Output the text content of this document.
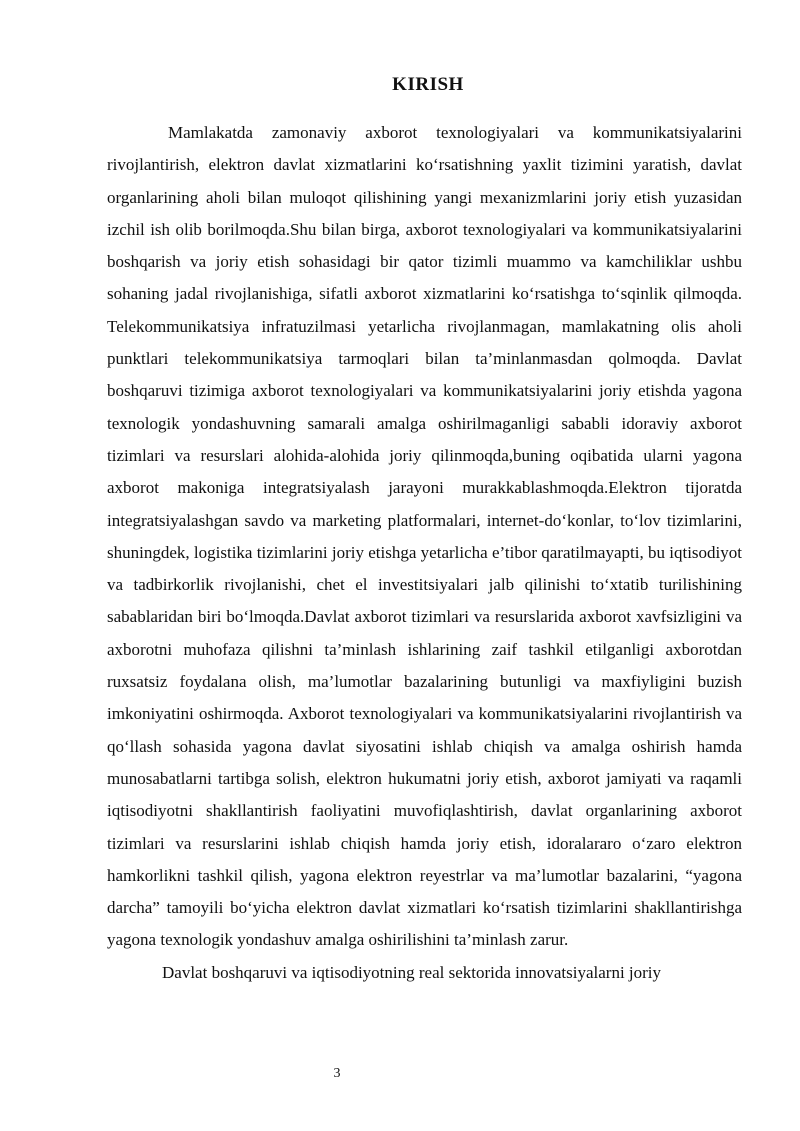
KIRISH

Mamlakatda zamonaviy axborot texnologiyalari va kommunikatsiyalarini rivojlantirish, elektron davlat xizmatlarini ko‘rsatishning yaxlit tizimini yaratish, davlat organlarining aholi bilan muloqot qilishining yangi mexanizmlarini joriy etish yuzasidan izchil ish olib borilmoqda.Shu bilan birga, axborot texnologiyalari va kommunikatsiyalarini boshqarish va joriy etish sohasidagi bir qator tizimli muammo va kamchiliklar ushbu sohaning jadal rivojlanishiga, sifatli axborot xizmatlarini ko‘rsatishga to‘sqinlik qilmoqda. Telekommunikatsiya infratuzilmasi yetarlicha rivojlanmagan, mamlakatning olis aholi punktlari telekommunikatsiya tarmoqlari bilan ta’minlanmasdan qolmoqda. Davlat boshqaruvi tizimiga axborot texnologiyalari va kommunikatsiyalarini joriy etishda yagona texnologik yondashuvning samarali amalga oshirilmaganligi sababli idoraviy axborot tizimlari va resurslari alohida-alohida joriy qilinmoqda,buning oqibatida ularni yagona axborot makoniga integratsiyalash jarayoni murakkablashmoqda.Elektron tijoratda integratsiyalashgan savdo va marketing platformalari, internet-do‘konlar, to‘lov tizimlarini, shuningdek, logistika tizimlarini joriy etishga yetarlicha e’tibor qaratilmayapti, bu iqtisodiyot va tadbirkorlik rivojlanishi, chet el investitsiyalari jalb qilinishi to‘xtatib turilishining sabablaridan biri bo‘lmoqda.Davlat axborot tizimlari va resurslarida axborot xavfsizligini va axborotni muhofaza qilishni ta’minlash ishlarining zaif tashkil etilganligi axborotdan ruxsatsiz foydalana olish, ma’lumotlar bazalarining butunligi va maxfiyligini buzish imkoniyatini oshirmoqda. Axborot texnologiyalari va kommunikatsiyalarini rivojlantirish va qo‘llash sohasida yagona davlat siyosatini ishlab chiqish va amalga oshirish hamda munosabatlarni tartibga solish, elektron hukumatni joriy etish, axborot jamiyati va raqamli iqtisodiyotni shakllantirish faoliyatini muvofiqlashtirish, davlat organlarining axborot tizimlari va resurslarini ishlab chiqish hamda joriy etish, idoralararo o‘zaro elektron hamkorlikni tashkil qilish, yagona elektron reyestrlar va ma’lumotlar bazalarini, “yagona darcha” tamoyili bo‘yicha elektron davlat xizmatlari ko‘rsatish tizimlarini shakllantirishga yagona texnologik yondashuv amalga oshirilishini ta’minlash zarur.

Davlat boshqaruvi va iqtisodiyotning real sektorida innovatsiyalarni joriy

3
